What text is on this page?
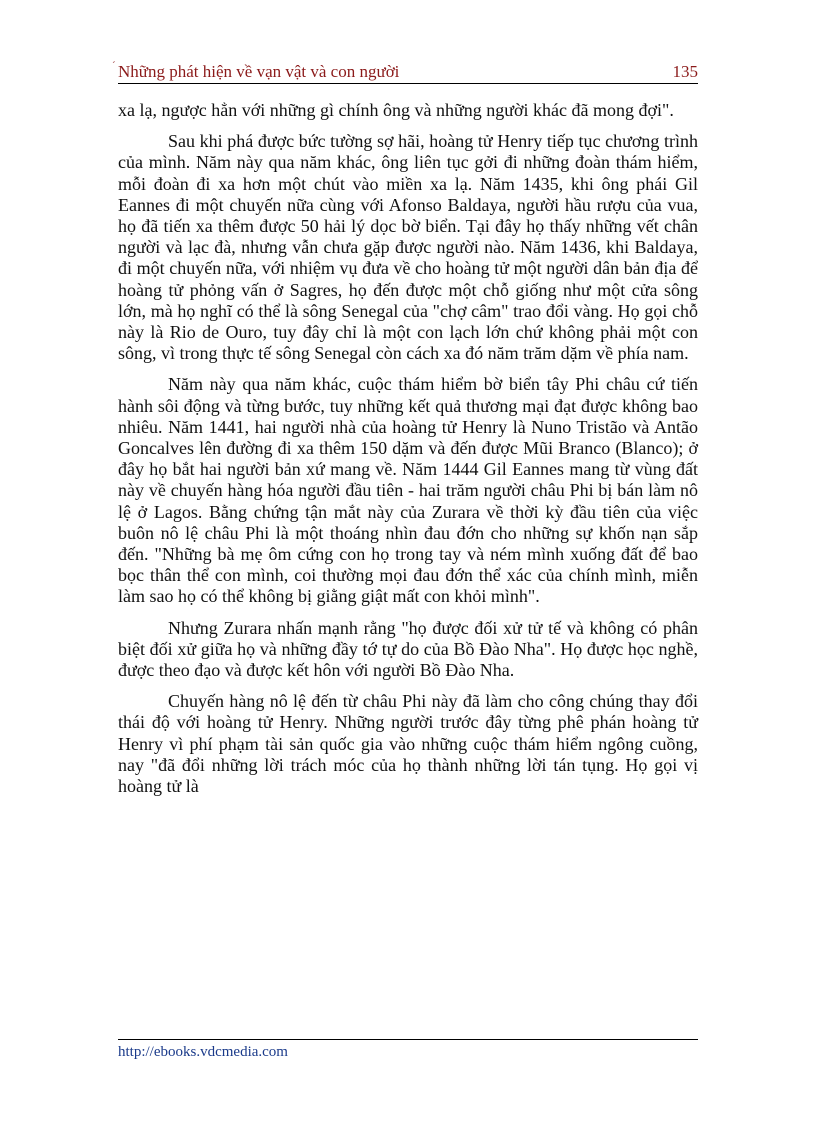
´ Những phát hiện về vạn vật và con người	135

xa lạ, ngược hẳn với những gì chính ông và những người khác đã mong đợi".

Sau khi phá được bức tường sợ hãi, hoàng tử Henry tiếp tục chương trình của mình. Năm này qua năm khác, ông liên tục gởi đi những đoàn thám hiểm, mỗi đoàn đi xa hơn một chút vào miền xa lạ. Năm 1435, khi ông phái Gil Eannes đi một chuyến nữa cùng với Afonso Baldaya, người hầu rượu của vua, họ đã tiến xa thêm được 50 hải lý dọc bờ biển. Tại đây họ thấy những vết chân người và lạc đà, nhưng vẫn chưa gặp được người nào. Năm 1436, khi Baldaya, đi một chuyến nữa, với nhiệm vụ đưa về cho hoàng tử một người dân bản địa để hoàng tử phỏng vấn ở Sagres, họ đến được một chỗ giống như một cửa sông lớn, mà họ nghĩ có thể là sông Senegal của "chợ câm" trao đổi vàng. Họ gọi chỗ này là Rio de Ouro, tuy đây chỉ là một con lạch lớn chứ không phải một con sông, vì trong thực tế sông Senegal còn cách xa đó năm trăm dặm về phía nam.

Năm này qua năm khác, cuộc thám hiểm bờ biển tây Phi châu cứ tiến hành sôi động và từng bước, tuy những kết quả thương mại đạt được không bao nhiêu. Năm 1441, hai người nhà của hoàng tử Henry là Nuno Tristão và Antão Goncalves lên đường đi xa thêm 150 dặm và đến được Mũi Branco (Blanco); ở đây họ bắt hai người bản xứ mang về. Năm 1444 Gil Eannes mang từ vùng đất này về chuyến hàng hóa người đầu tiên - hai trăm người châu Phi bị bán làm nô lệ ở Lagos. Bằng chứng tận mắt này của Zurara về thời kỳ đầu tiên của việc buôn nô lệ châu Phi là một thoáng nhìn đau đớn cho những sự khốn nạn sắp đến. "Những bà mẹ ôm cứng con họ trong tay và ném mình xuống đất để bao bọc thân thể con mình, coi thường mọi đau đớn thể xác của chính mình, miễn làm sao họ có thể không bị giằng giật mất con khỏi mình".

Nhưng Zurara nhấn mạnh rằng "họ được đối xử tử tế và không có phân biệt đối xử giữa họ và những đầy tớ tự do của Bồ Đào Nha". Họ được học nghề, được theo đạo và được kết hôn với người Bồ Đào Nha.

Chuyến hàng nô lệ đến từ châu Phi này đã làm cho công chúng thay đổi thái độ với hoàng tử Henry. Những người trước đây từng phê phán hoàng tử Henry vì phí phạm tài sản quốc gia vào những cuộc thám hiểm ngông cuồng, nay "đã đổi những lời trách móc của họ thành những lời tán tụng. Họ gọi vị hoàng tử là

http://ebooks.vdcmedia.com
